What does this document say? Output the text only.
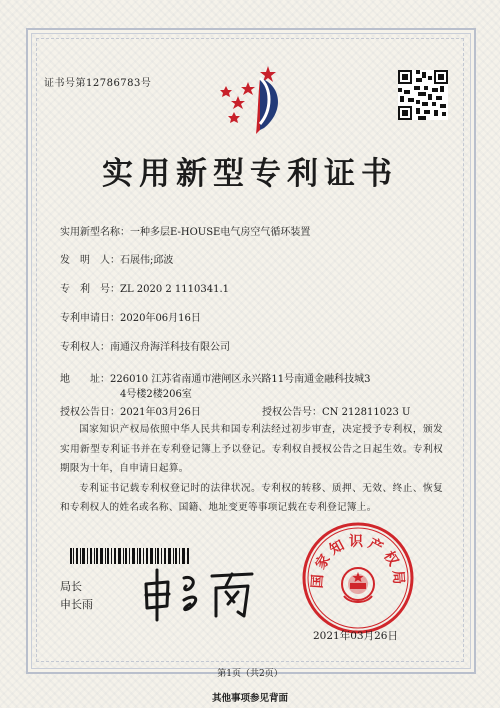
证书号第12786783号
实用新型专利证书
实用新型名称：一种多层E-HOUSE电气房空气循环装置
发　明　人：石展伟;邱波
专　利　号：ZL 2020 2 1110341.1
专利申请日：2020年06月16日
专利权人：南通汉舟海洋科技有限公司
地　　址：226010 江苏省南通市港闸区永兴路11号南通金融科技城3
4号楼2楼206室
授权公告日：2021年03月26日	授权公告号：CN 212811023 U

国家知识产权局依照中华人民共和国专利法经过初步审查，决定授予专利权，颁发实用新型专利证书并在专利登记簿上予以登记。专利权自授权公告之日起生效。专利权期限为十年，自申请日起算。

专利证书记载专利权登记时的法律状况。专利权的转移、质押、无效、终止、恢复和专利权人的姓名或名称、国籍、地址变更等事项记载在专利登记簿上。

局长
申长雨
国家知识产权局
2021年03月26日
第1页（共2页）
其他事项参见背面
